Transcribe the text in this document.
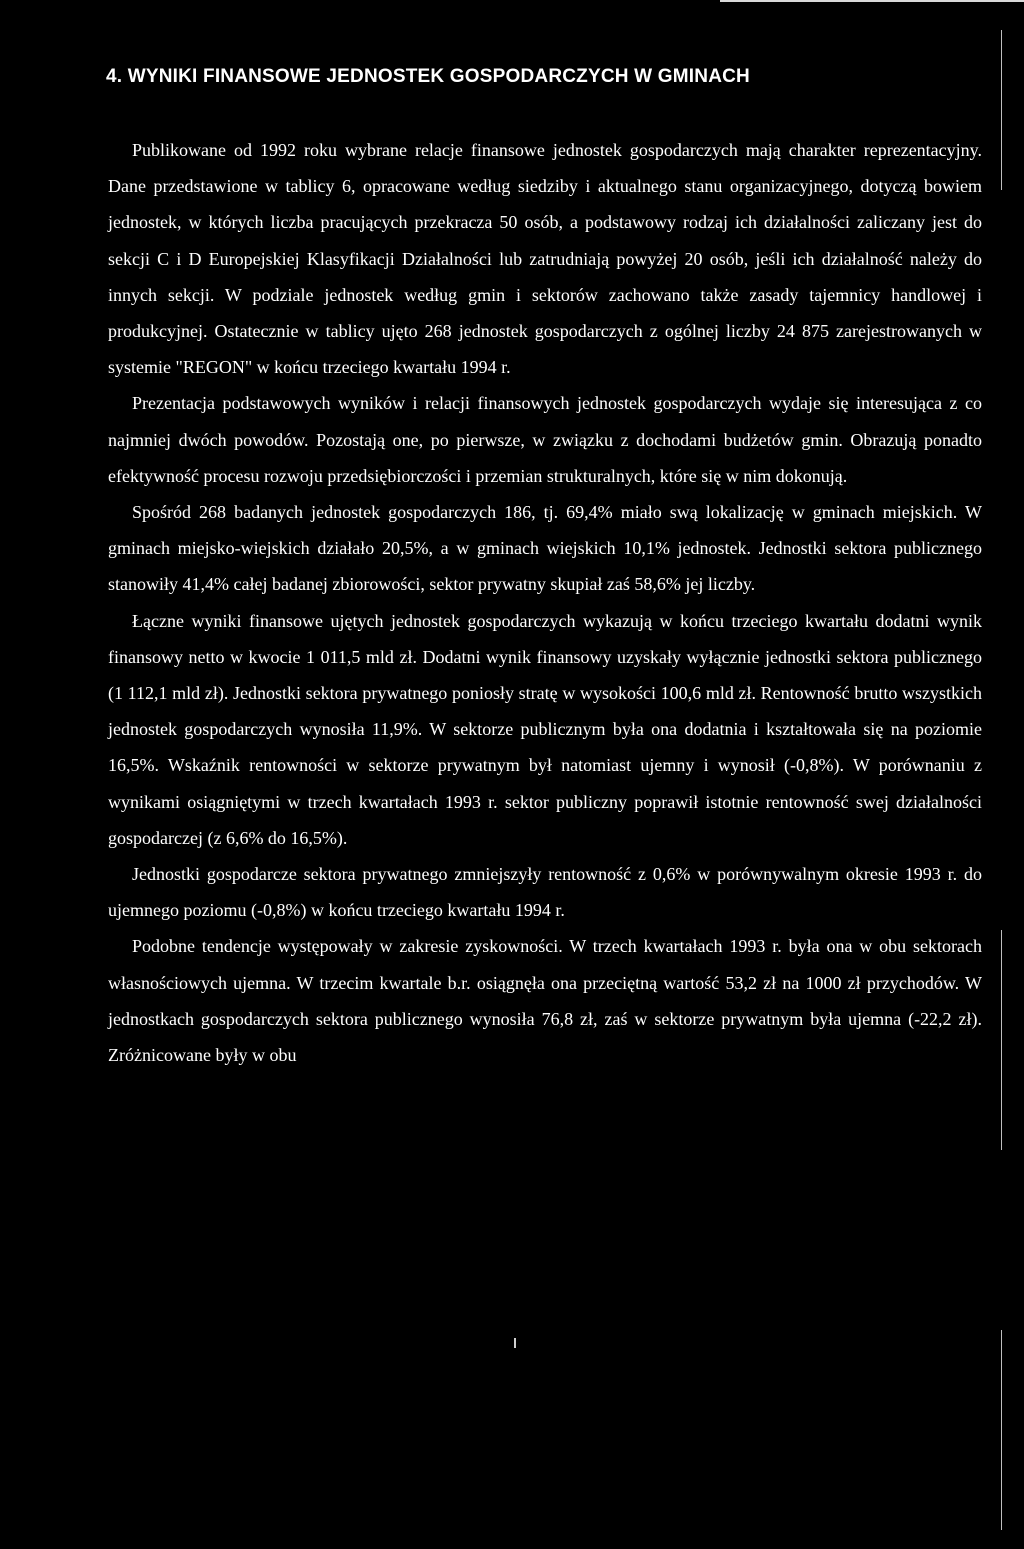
4. WYNIKI FINANSOWE JEDNOSTEK GOSPODARCZYCH W GMINACH

Publikowane od 1992 roku wybrane relacje finansowe jednostek gospodarczych mają charakter reprezentacyjny. Dane przedstawione w tablicy 6, opracowane według siedziby i aktualnego stanu organizacyjnego, dotyczą bowiem jednostek, w których liczba pracujących przekracza 50 osób, a podstawowy rodzaj ich działalności zaliczany jest do sekcji C i D Europejskiej Klasyfikacji Działalności lub zatrudniają powyżej 20 osób, jeśli ich działalność należy do innych sekcji. W podziale jednostek według gmin i sektorów zachowano także zasady tajemnicy handlowej i produkcyjnej. Ostatecznie w tablicy ujęto 268 jednostek gospodarczych z ogólnej liczby 24 875 zarejestrowanych w systemie "REGON" w końcu trzeciego kwartału 1994 r.

Prezentacja podstawowych wyników i relacji finansowych jednostek gospodarczych wydaje się interesująca z co najmniej dwóch powodów. Pozostają one, po pierwsze, w związku z dochodami budżetów gmin. Obrazują ponadto efektywność procesu rozwoju przedsiębiorczości i przemian strukturalnych, które się w nim dokonują.

Spośród 268 badanych jednostek gospodarczych 186, tj. 69,4% miało swą lokalizację w gminach miejskich. W gminach miejsko-wiejskich działało 20,5%, a w gminach wiejskich 10,1% jednostek. Jednostki sektora publicznego stanowiły 41,4% całej badanej zbiorowości, sektor prywatny skupiał zaś 58,6% jej liczby.

Łączne wyniki finansowe ujętych jednostek gospodarczych wykazują w końcu trzeciego kwartału dodatni wynik finansowy netto w kwocie 1 011,5 mld zł. Dodatni wynik finansowy uzyskały wyłącznie jednostki sektora publicznego (1 112,1 mld zł). Jednostki sektora prywatnego poniosły stratę w wysokości 100,6 mld zł. Rentowność brutto wszystkich jednostek gospodarczych wynosiła 11,9%. W sektorze publicznym była ona dodatnia i kształtowała się na poziomie 16,5%. Wskaźnik rentowności w sektorze prywatnym był natomiast ujemny i wynosił (-0,8%). W porównaniu z wynikami osiągniętymi w trzech kwartałach 1993 r. sektor publiczny poprawił istotnie rentowność swej działalności gospodarczej (z 6,6% do 16,5%).

Jednostki gospodarcze sektora prywatnego zmniejszyły rentowność z 0,6% w porównywalnym okresie 1993 r. do ujemnego poziomu (-0,8%) w końcu trzeciego kwartału 1994 r.

Podobne tendencje występowały w zakresie zyskowności. W trzech kwartałach 1993 r. była ona w obu sektorach własnościowych ujemna. W trzecim kwartale b.r. osiągnęła ona przeciętną wartość 53,2 zł na 1000 zł przychodów. W jednostkach gospodarczych sektora publicznego wynosiła 76,8 zł, zaś w sektorze prywatnym była ujemna (-22,2 zł). Zróżnicowane były w obu
